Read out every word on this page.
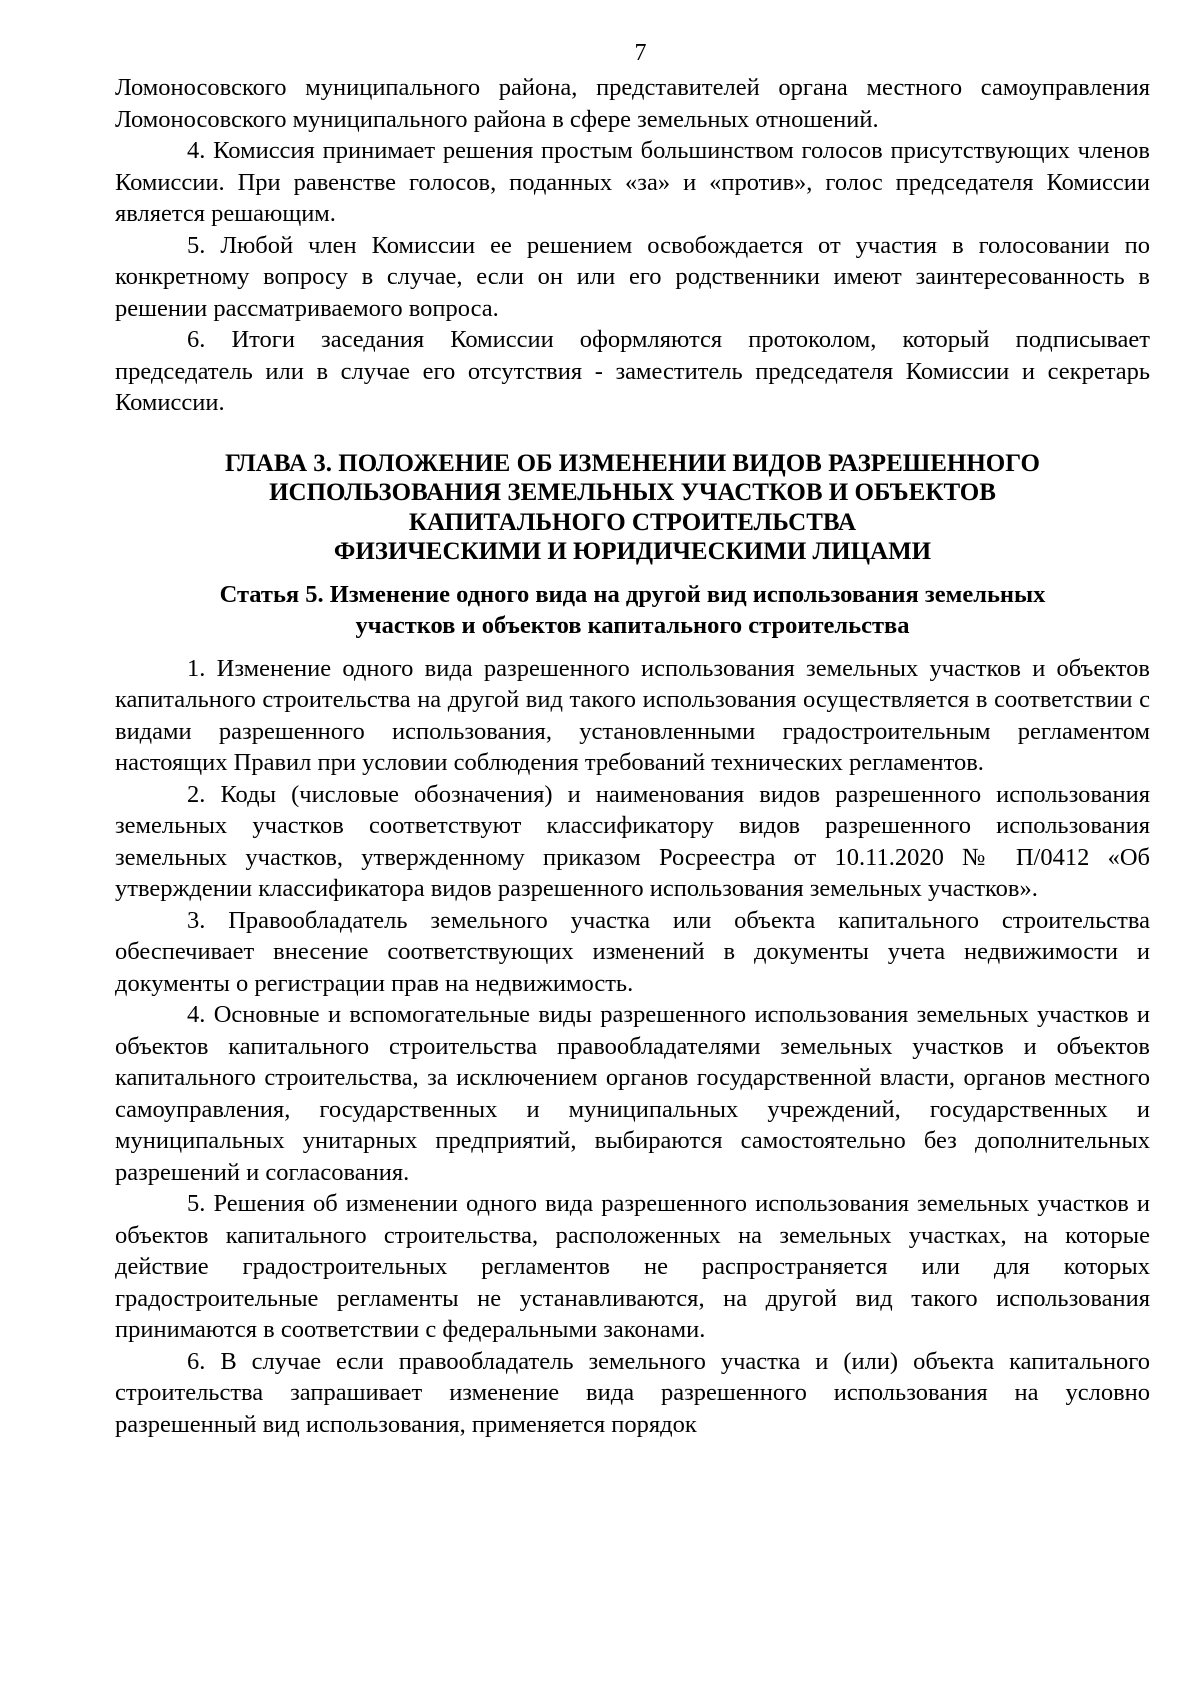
7

Ломоносовского муниципального района, представителей органа местного самоуправления Ломоносовского муниципального района в сфере земельных отношений.

4. Комиссия принимает решения простым большинством голосов присутствующих членов Комиссии. При равенстве голосов, поданных «за» и «против», голос председателя Комиссии является решающим.

5. Любой член Комиссии ее решением освобождается от участия в голосовании по конкретному вопросу в случае, если он или его родственники имеют заинтересованность в решении рассматриваемого вопроса.

6. Итоги заседания Комиссии оформляются протоколом, который подписывает председатель или в случае его отсутствия - заместитель председателя Комиссии и секретарь Комиссии.

ГЛАВА 3. ПОЛОЖЕНИЕ ОБ ИЗМЕНЕНИИ ВИДОВ РАЗРЕШЕННОГО
ИСПОЛЬЗОВАНИЯ ЗЕМЕЛЬНЫХ УЧАСТКОВ И ОБЪЕКТОВ
КАПИТАЛЬНОГО СТРОИТЕЛЬСТВА
ФИЗИЧЕСКИМИ И ЮРИДИЧЕСКИМИ ЛИЦАМИ
Статья 5. Изменение одного вида на другой вид использования земельных
участков и объектов капитального строительства

1. Изменение одного вида разрешенного использования земельных участков и объектов капитального строительства на другой вид такого использования осуществляется в соответствии с видами разрешенного использования, установленными градостроительным регламентом настоящих Правил при условии соблюдения требований технических регламентов.

2. Коды (числовые обозначения) и наименования видов разрешенного использования земельных участков соответствуют классификатору видов разрешенного использования земельных участков, утвержденному приказом Росреестра от 10.11.2020 № П/0412 «Об утверждении классификатора видов разрешенного использования земельных участков».

3. Правообладатель земельного участка или объекта капитального строительства обеспечивает внесение соответствующих изменений в документы учета недвижимости и документы о регистрации прав на недвижимость.

4. Основные и вспомогательные виды разрешенного использования земельных участков и объектов капитального строительства правообладателями земельных участков и объектов капитального строительства, за исключением органов государственной власти, органов местного самоуправления, государственных и муниципальных учреждений, государственных и муниципальных унитарных предприятий, выбираются самостоятельно без дополнительных разрешений и согласования.

5. Решения об изменении одного вида разрешенного использования земельных участков и объектов капитального строительства, расположенных на земельных участках, на которые действие градостроительных регламентов не распространяется или для которых градостроительные регламенты не устанавливаются, на другой вид такого использования принимаются в соответствии с федеральными законами.

6. В случае если правообладатель земельного участка и (или) объекта капитального строительства запрашивает изменение вида разрешенного использования на условно разрешенный вид использования, применяется порядок
